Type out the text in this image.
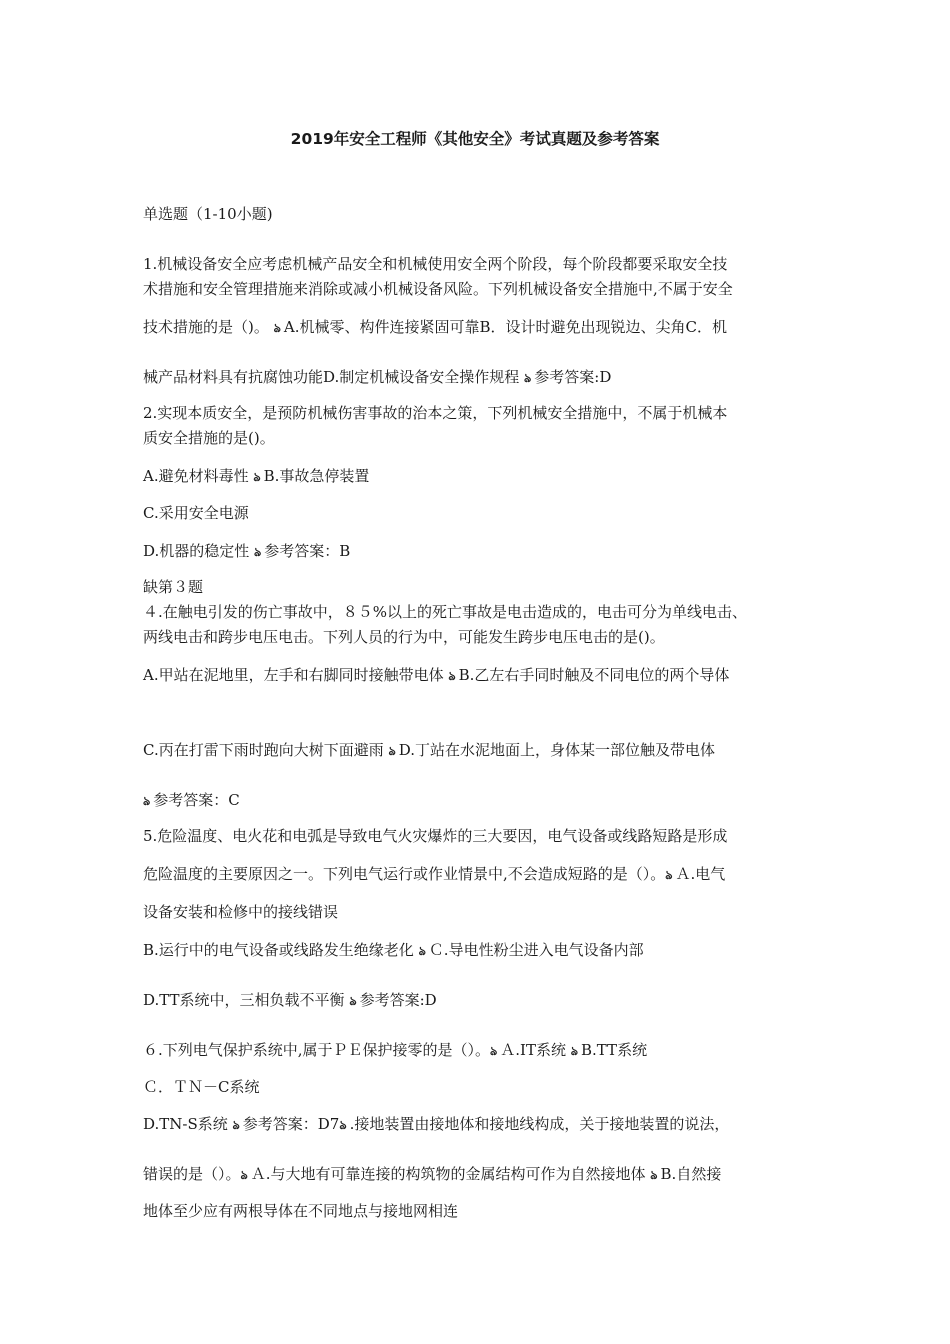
2019年安全工程师《其他安全》考试真题及参考答案
单选题（1-10小题)
1.机械设备安全应考虑机械产品安全和机械使用安全两个阶段，每个阶段都要采取安全技
术措施和安全管理措施来消除或减小机械设备风险。下列机械设备安全措施中,不属于安全
技术措施的是（)。 ঌ A.机械零、构件连接紧固可靠B．设计时避免出现锐边、尖角C．机
械产品材料具有抗腐蚀功能D.制定机械设备安全操作规程 ঌ 参考答案:D
2.实现本质安全，是预防机械伤害事故的治本之策，下列机械安全措施中，不属于机械本
质安全措施的是()。
A.避免材料毒性 ঌ B.事故急停装置
C.采用安全电源
D.机器的稳定性 ঌ 参考答案：B
缺第３题
４.在触电引发的伤亡事故中，８５%以上的死亡事故是电击造成的，电击可分为单线电击、
两线电击和跨步电压电击。下列人员的行为中，可能发生跨步电压电击的是()。
A.甲站在泥地里，左手和右脚同时接触带电体 ঌ B.乙左右手同时触及不同电位的两个导体
C.丙在打雷下雨时跑向大树下面避雨 ঌ D.丁站在水泥地面上，身体某一部位触及带电体
ঌ 参考答案：C
5.危险温度、电火花和电弧是导致电气火灾爆炸的三大要因，电气设备或线路短路是形成
危险温度的主要原因之一。下列电气运行或作业情景中,不会造成短路的是（）。ঌ Ａ.电气
设备安装和检修中的接线错误
B.运行中的电气设备或线路发生绝缘老化 ঌ Ｃ.导电性粉尘进入电气设备内部
D.TT系统中，三相负载不平衡 ঌ 参考答案:D
６.下列电气保护系统中,属于ＰＥ保护接零的是（）。ঌ Ａ.IT系统 ঌ B.TT系统
Ｃ．ＴＮ－C系统
D.TN-S系统 ঌ 参考答案：D7ঌ .接地装置由接地体和接地线构成，关于接地装置的说法，
错误的是（）。ঌ Ａ.与大地有可靠连接的构筑物的金属结构可作为自然接地体 ঌ B.自然接
地体至少应有两根导体在不同地点与接地网相连
